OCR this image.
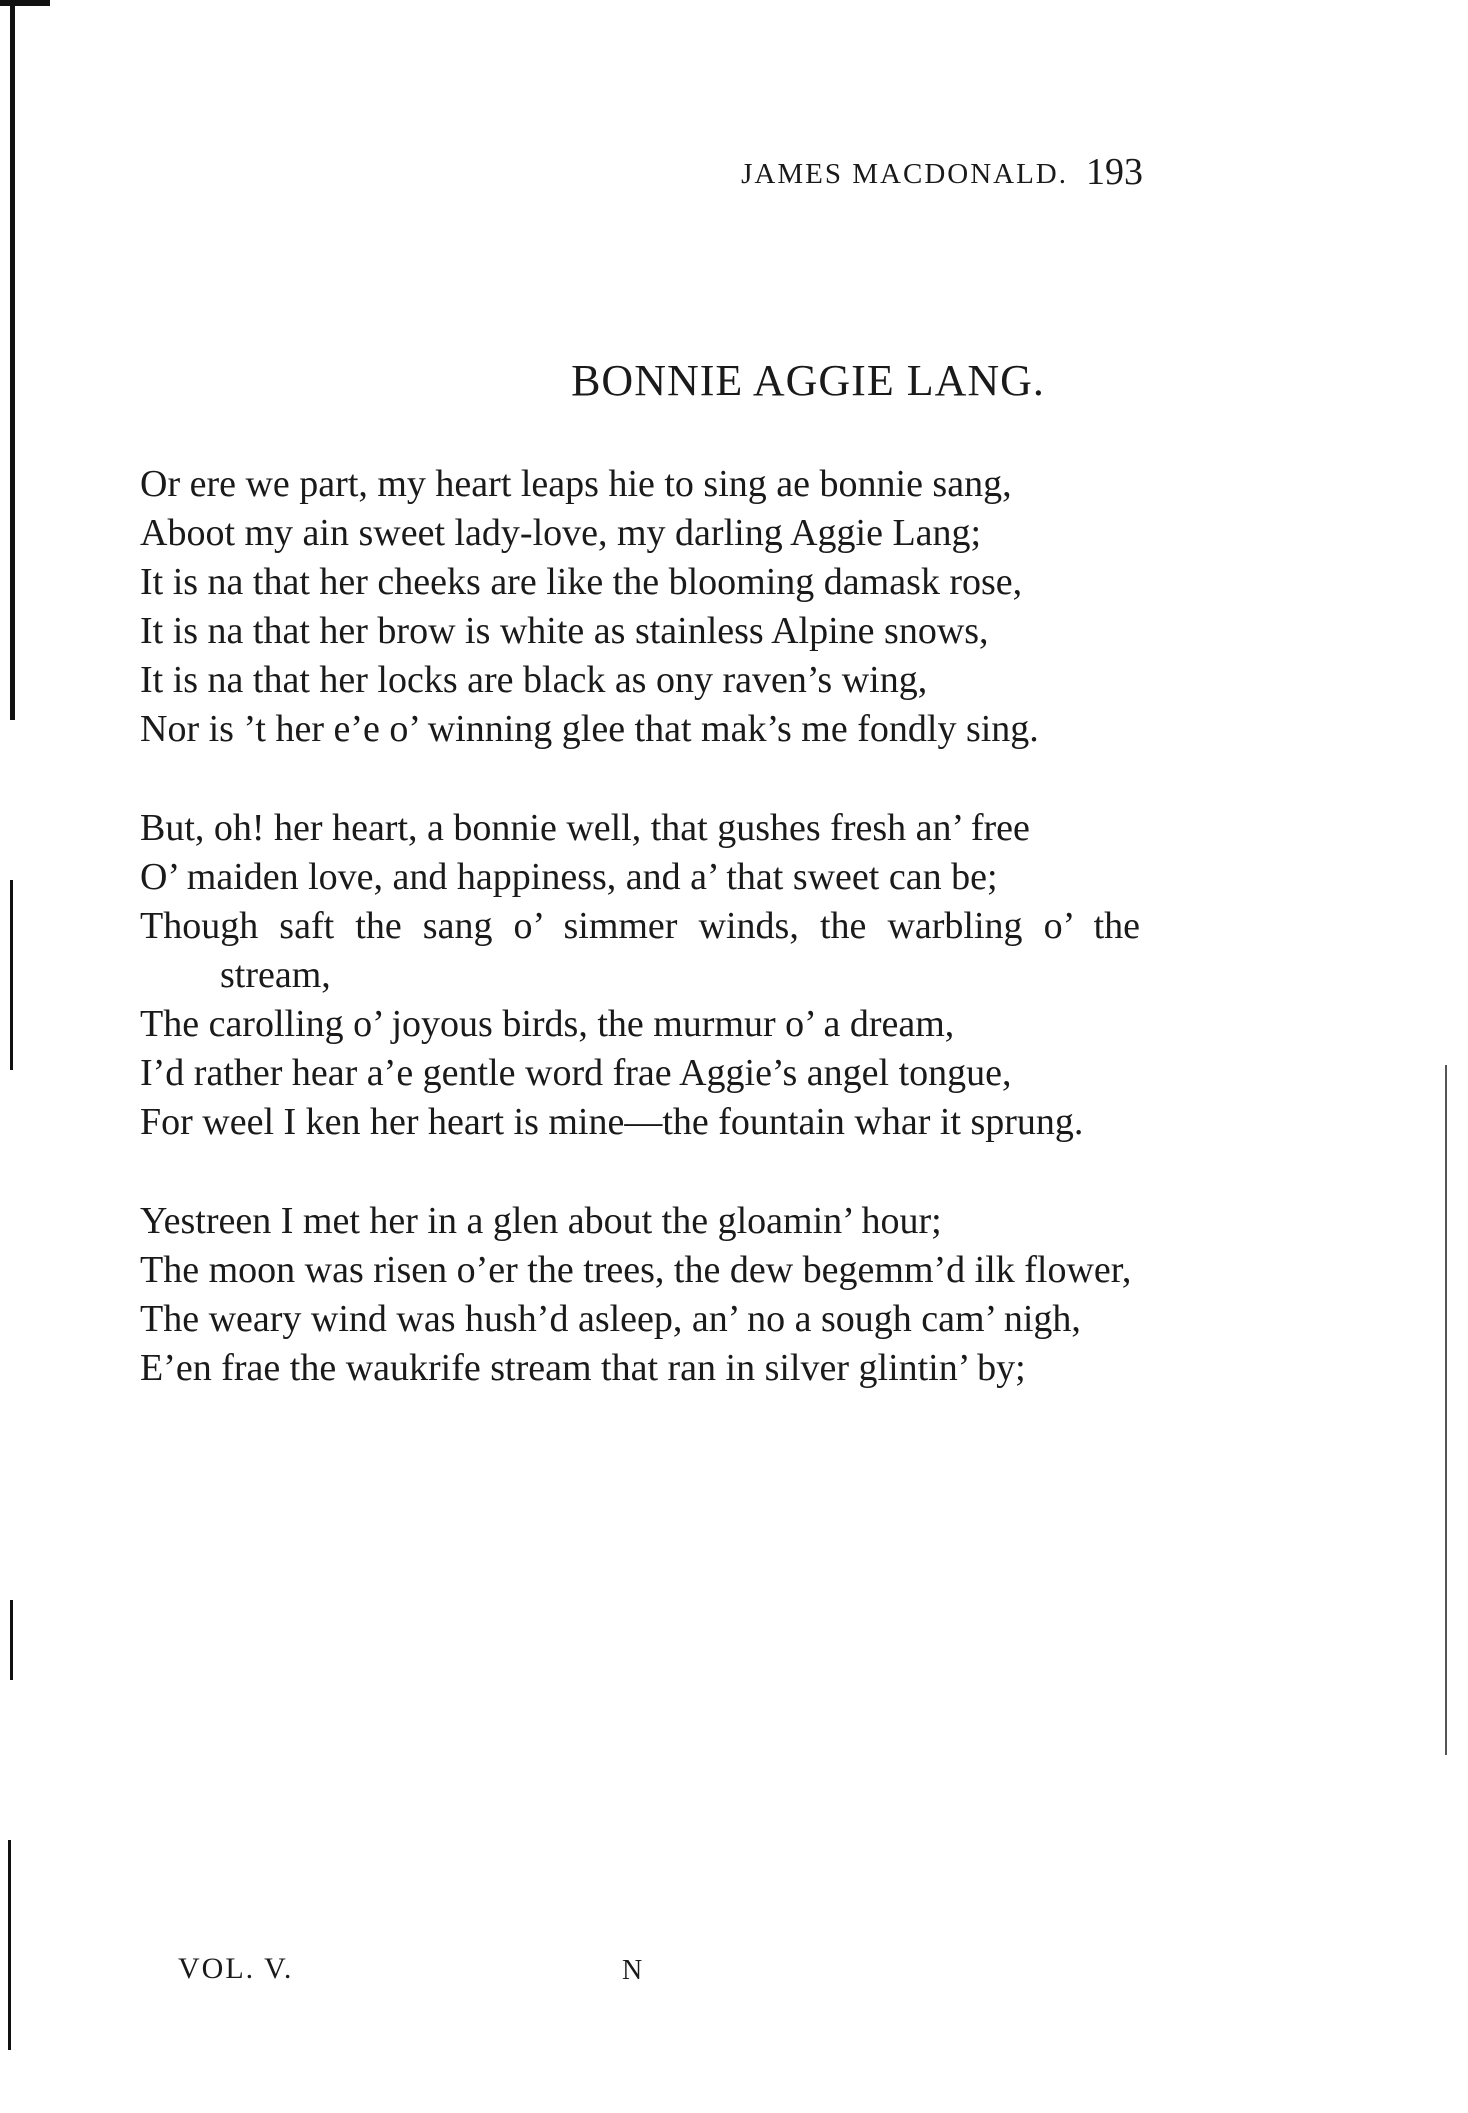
JAMES MACDONALD. 193
BONNIE AGGIE LANG.
Or ere we part, my heart leaps hie to sing ae bonnie sang,
Aboot my ain sweet lady-love, my darling Aggie Lang;
It is na that her cheeks are like the blooming damask rose,
It is na that her brow is white as stainless Alpine snows,
It is na that her locks are black as ony raven’s wing,
Nor is ’t her e’e o’ winning glee that mak’s me fondly sing.
But, oh! her heart, a bonnie well, that gushes fresh an’ free
O’ maiden love, and happiness, and a’ that sweet can be;
Though saft the sang o’ simmer winds, the warbling o’ the stream,
The carolling o’ joyous birds, the murmur o’ a dream,
I’d rather hear a’e gentle word frae Aggie’s angel tongue,
For weel I ken her heart is mine—the fountain whar it sprung.
Yestreen I met her in a glen about the gloamin’ hour;
The moon was risen o’er the trees, the dew begemm’d ilk flower,
The weary wind was hush’d asleep, an’ no a sough cam’ nigh,
E’en frae the waukrife stream that ran in silver glintin’ by;
VOL. V.	N
